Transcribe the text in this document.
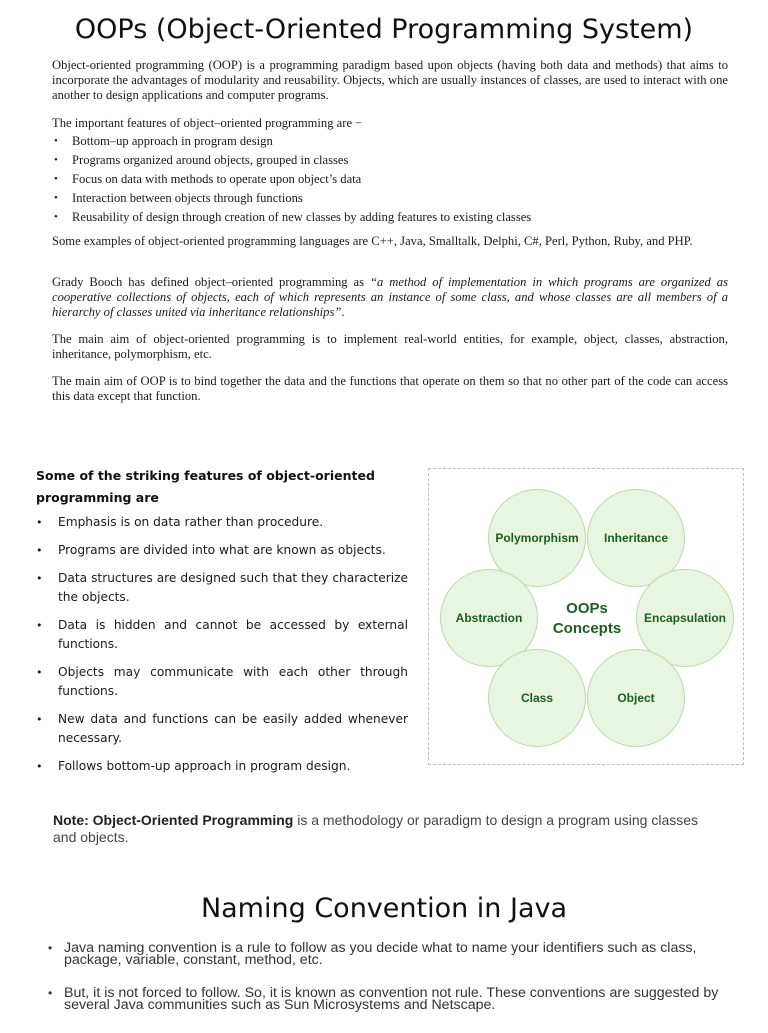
OOPs (Object-Oriented Programming System)

Object-oriented programming (OOP) is a programming paradigm based upon objects (having both data and methods) that aims to incorporate the advantages of modularity and reusability. Objects, which are usually instances of classes, are used to interact with one another to design applications and computer programs.

The important features of object–oriented programming are −

• Bottom–up approach in program design
• Programs organized around objects, grouped in classes
• Focus on data with methods to operate upon object’s data
• Interaction between objects through functions
• Reusability of design through creation of new classes by adding features to existing classes

Some examples of object-oriented programming languages are C++, Java, Smalltalk, Delphi, C#, Perl, Python, Ruby, and PHP.

Grady Booch has defined object–oriented programming as “a method of implementation in which programs are organized as cooperative collections of objects, each of which represents an instance of some class, and whose classes are all members of a hierarchy of classes united via inheritance relationships”.

The main aim of object-oriented programming is to implement real-world entities, for example, object, classes, abstraction, inheritance, polymorphism, etc.

The main aim of OOP is to bind together the data and the functions that operate on them so that no other part of the code can access this data except that function.

Some of the striking features of object-oriented programming are

• Emphasis is on data rather than procedure.
• Programs are divided into what are known as objects.
• Data structures are designed such that they characterize the objects.
• Data is hidden and cannot be accessed by external functions.
• Objects may communicate with each other through functions.
• New data and functions can be easily added whenever necessary.
• Follows bottom-up approach in program design.
Polymorphism	Inheritance
Abstraction	Encapsulation
Class	Object
OOPs
Concepts

Note: Object-Oriented Programming is a methodology or paradigm to design a program using classes and objects.

Naming Convention in Java
• Java naming convention is a rule to follow as you decide what to name your identifiers such as class, package, variable, constant, method, etc.
• But, it is not forced to follow. So, it is known as convention not rule. These conventions are suggested by several Java communities such as Sun Microsystems and Netscape.
